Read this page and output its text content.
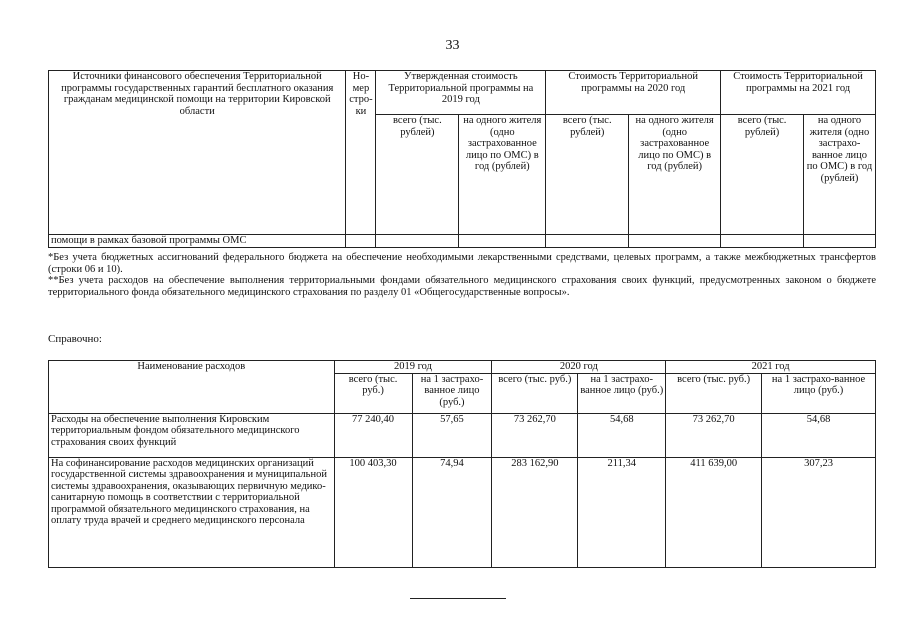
33
Источники финансового обеспечения Территориальной программы государственных гарантий бесплатного оказания гражданам медицинской помощи на территории Кировской области	Но-мер стро-ки	Утвержденная стоимость Территориальной программы на 2019 год		Стоимость Территориальной программы на 2020 год		Стоимость Территориальной программы на 2021 год	
		всего (тыс. рублей)	на одного жителя (одно застрахованное лицо по ОМС) в год (рублей)	всего (тыс. рублей)	на одного жителя (одно застрахованное лицо по ОМС) в год (рублей)	всего (тыс. рублей)	на одного жителя (одно застрахо-ванное лицо по ОМС) в год (рублей)
помощи в рамках базовой программы ОМС							
*Без учета бюджетных ассигнований федерального бюджета на обеспечение необходимыми лекарственными средствами, целевых программ, а также межбюджетных трансфертов (строки 06 и 10).
**Без учета расходов на обеспечение выполнения территориальными фондами обязательного медицинского страхования своих функций, предусмотренных законом о бюджете территориального фонда обязательного медицинского страхования по разделу 01 «Общегосударственные вопросы».
Справочно:
Наименование расходов	2019 год		2020 год		2021 год	
	всего (тыс. руб.)	на 1 застрахо-ванное лицо (руб.)	всего (тыс. руб.)	на 1 застрахо-ванное лицо (руб.)	всего (тыс. руб.)	на 1 застрахо-ванное лицо (руб.)
Расходы на обеспечение выполнения Кировским территориальным фондом обязательного медицинского страхования своих функций	77 240,40	57,65	73 262,70	54,68	73 262,70	54,68
На софинансирование расходов медицинских организаций государственной системы здравоохранения и муниципальной системы здравоохранения, оказывающих первичную медико-санитарную помощь в соответствии с территориальной программой обязательного медицинского страхования, на оплату труда врачей и среднего медицинского персонала	100 403,30	74,94	283 162,90	211,34	411 639,00	307,23
